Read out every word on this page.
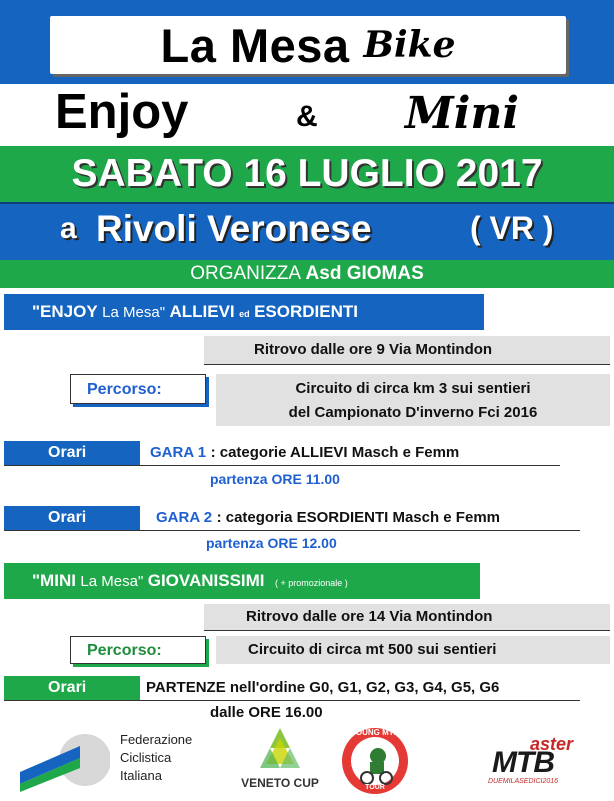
La Mesa Bike
Enjoy	& Mini
SABATO 16 LUGLIO 2017
a Rivoli Veronese	( VR )
ORGANIZZA Asd GIOMAS
"ENJOY La Mesa" ALLIEVI ed ESORDIENTI
Ritrovo dalle ore 9 Via Montindon
Percorso:	Circuito di circa km 3 sui sentieri
del Campionato D'inverno Fci 2016
Orari	GARA 1 : categorie ALLIEVI Masch e Femm
partenza ORE 11.00
Orari	GARA 2 : categoria ESORDIENTI Masch e Femm
partenza ORE 12.00
"MINI La Mesa" GIOVANISSIMI ( + promozionale )
Ritrovo dalle ore 14 Via Montindon
Percorso:	Circuito di circa mt 500 sui sentieri
Orari	PARTENZE nell'ordine G0, G1, G2, G3, G4, G5, G6
dalle ORE 16.00
Federazione
Ciclistica
Italiana	VENETO CUP
YOUNG MTB
TOUR
aster
MTB
DUEMILASEDICI2016
